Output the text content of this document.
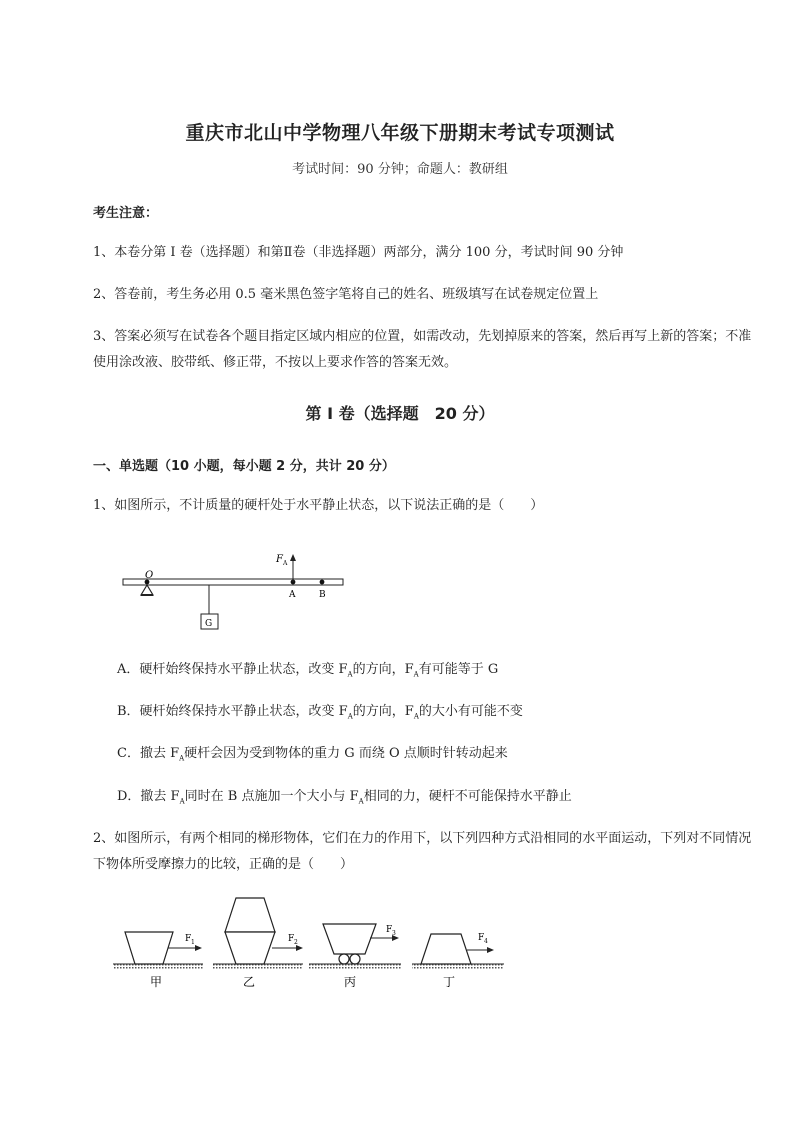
重庆市北山中学物理八年级下册期末考试专项测试
考试时间：90 分钟；命题人：教研组
考生注意：
1、本卷分第 I 卷（选择题）和第Ⅱ卷（非选择题）两部分，满分 100 分，考试时间 90 分钟
2、答卷前，考生务必用 0.5 毫米黑色签字笔将自己的姓名、班级填写在试卷规定位置上
3、答案必须写在试卷各个题目指定区域内相应的位置，如需改动，先划掉原来的答案，然后再写上新的答案；不准使用涂改液、胶带纸、修正带，不按以上要求作答的答案无效。
第 I 卷（选择题　20 分）
一、单选题（10 小题，每小题 2 分，共计 20 分）
1、如图所示，不计质量的硬杆处于水平静止状态，以下说法正确的是（　　）
O
F A
A	B
G
A．硬杆始终保持水平静止状态，改变 $F_A$的方向，$F_A$有可能等于 G
B．硬杆始终保持水平静止状态，改变 $F_A$的方向，$F_A$的大小有可能不变
C．撤去 $F_A$硬杆会因为受到物体的重力 G 而绕 O 点顺时针转动起来
D．撤去 $F_A$同时在 B 点施加一个大小与 $F_A$相同的力，硬杆不可能保持水平静止
2、如图所示，有两个相同的梯形物体，它们在力的作用下，以下列四种方式沿相同的水平面运动，下列对不同情况下物体所受摩擦力的比较，正确的是（　　）
F 1
甲
F 2
乙
F 3
丙
F 4
丁
